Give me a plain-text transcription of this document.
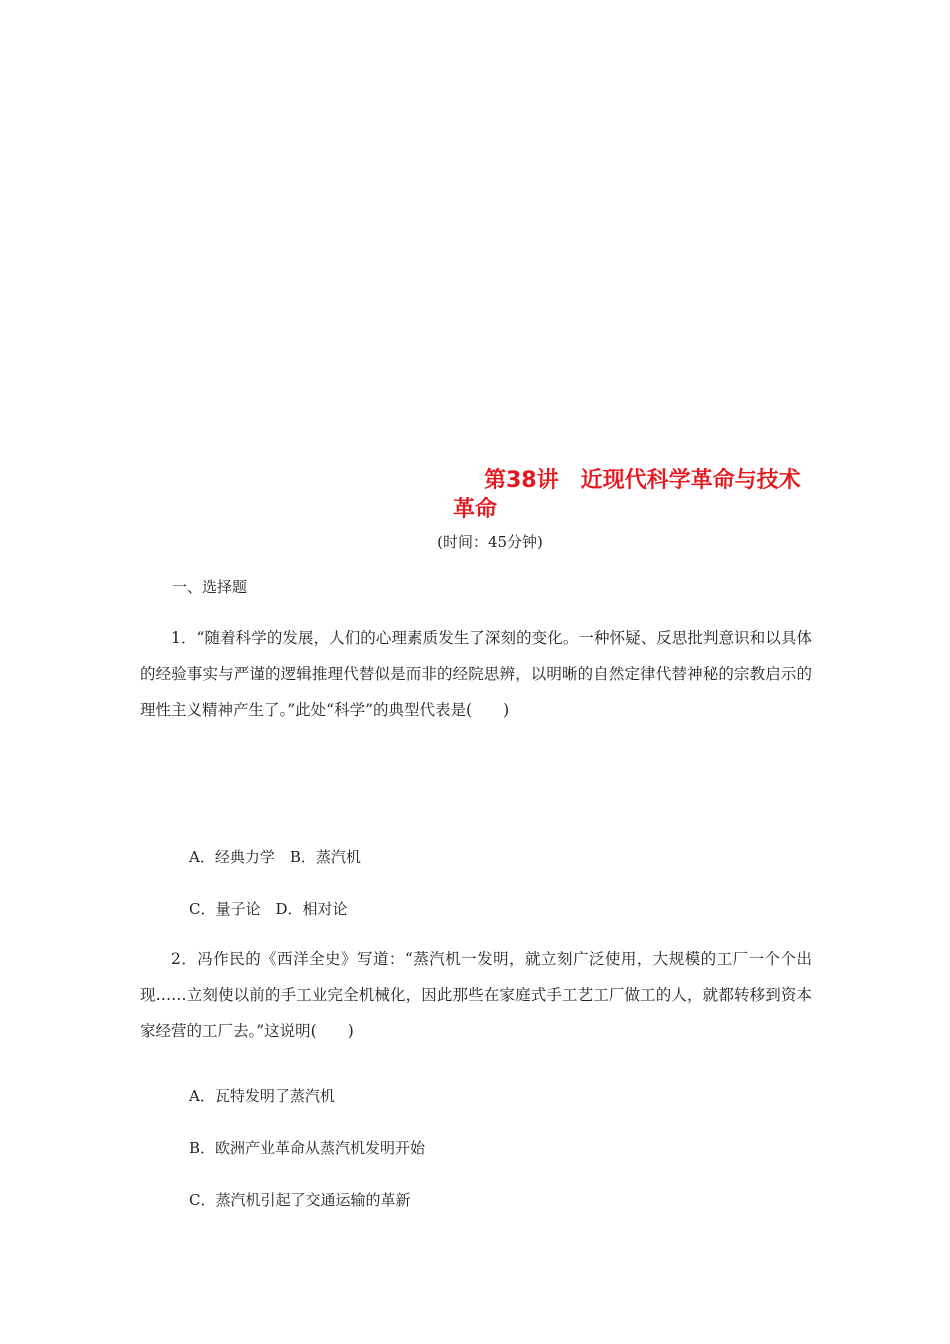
第38讲　近现代科学革命与技术
革命
(时间：45分钟)
一、选择题
1．“随着科学的发展，人们的心理素质发生了深刻的变化。一种怀疑、反思批判意识和以具体的经验事实与严谨的逻辑推理代替似是而非的经院思辨，以明晰的自然定律代替神秘的宗教启示的理性主义精神产生了。”此处“科学”的典型代表是(　　)
A．经典力学　B．蒸汽机
C．量子论　D．相对论
2．冯作民的《西洋全史》写道：“蒸汽机一发明，就立刻广泛使用，大规模的工厂一个个出现……立刻使以前的手工业完全机械化，因此那些在家庭式手工艺工厂做工的人，就都转移到资本家经营的工厂去。”这说明(　　)
A．瓦特发明了蒸汽机
B．欧洲产业革命从蒸汽机发明开始
C．蒸汽机引起了交通运输的革新
